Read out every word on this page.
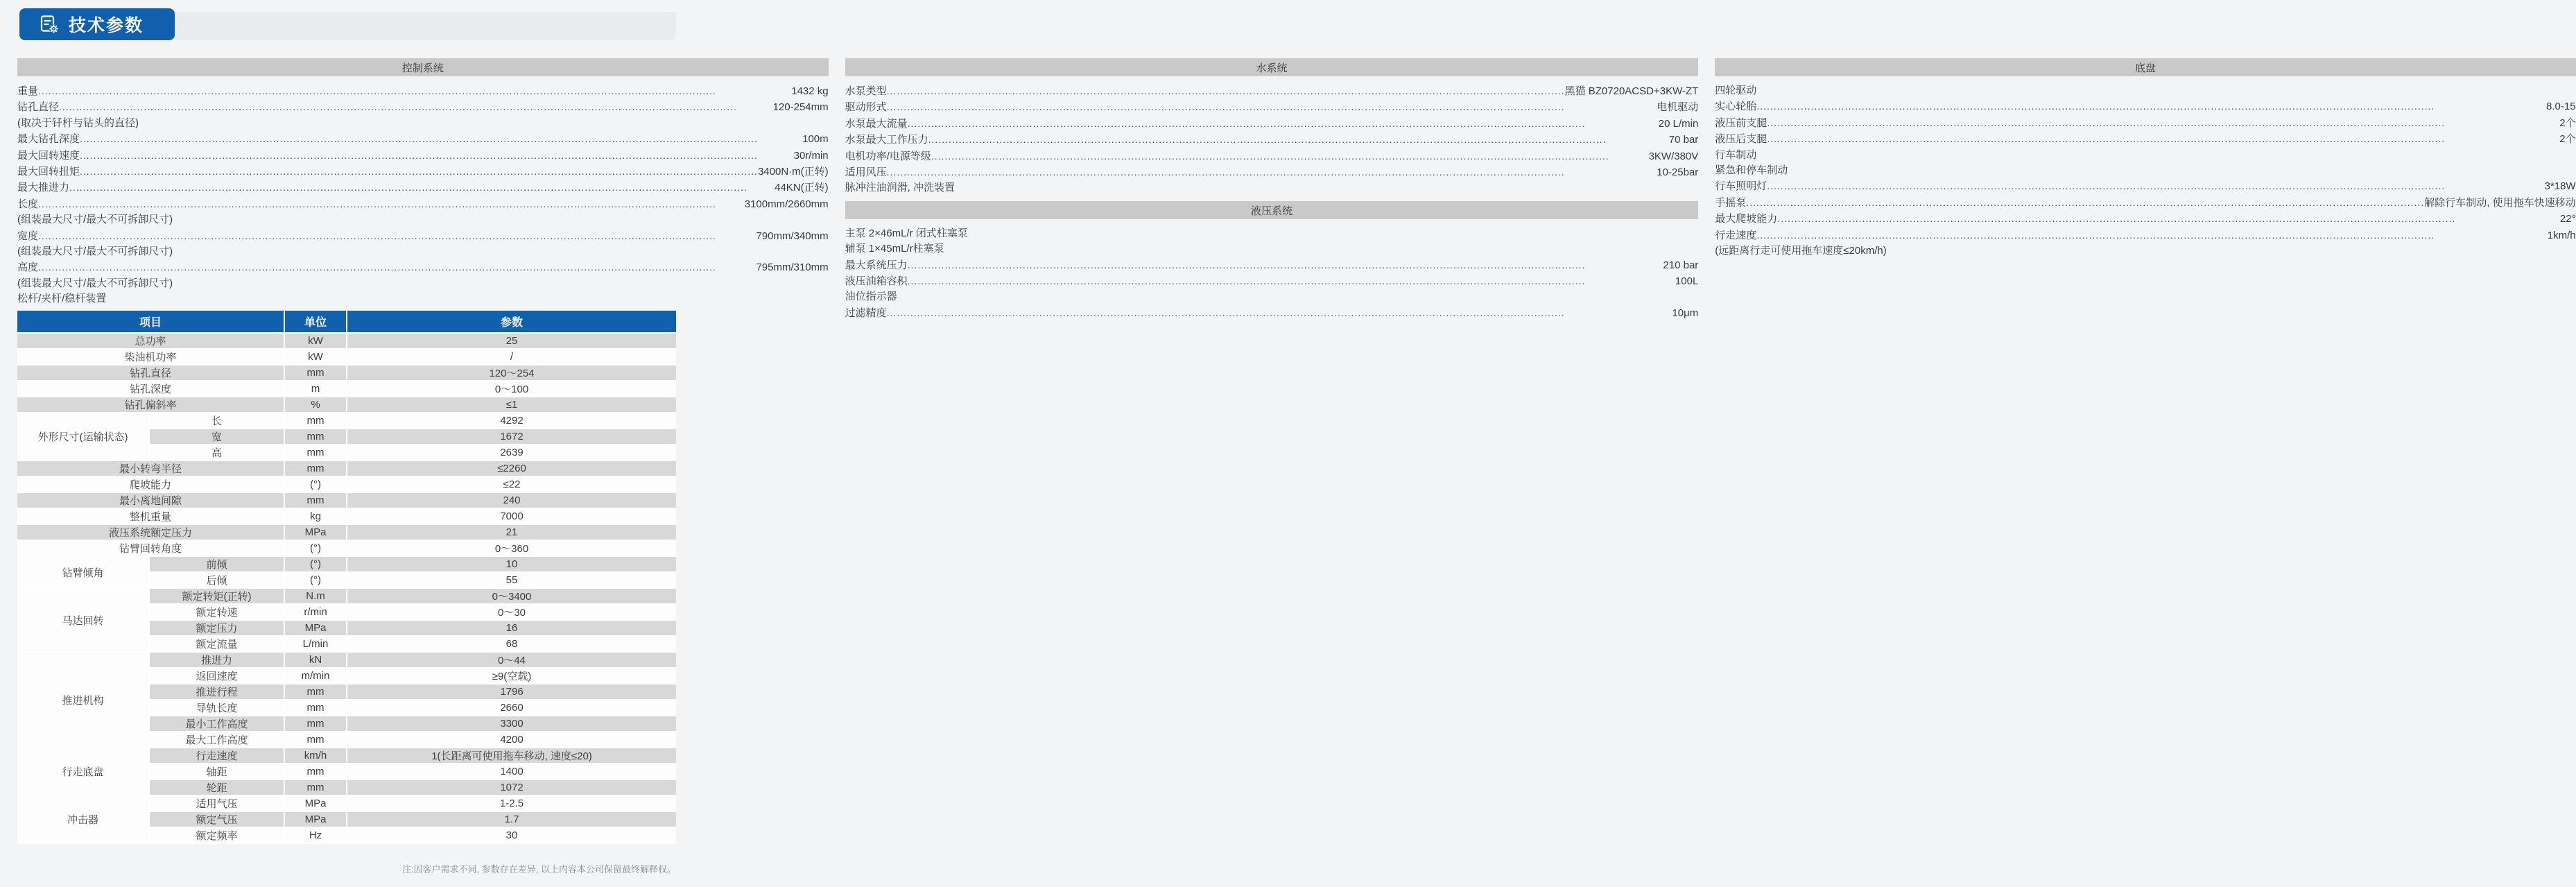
技术参数
控制系统
重量 ........................................................................................................................................................................................................	1432 kg
钻孔直径 ........................................................................................................................................................................................................	120-254mm
(取决于钎杆与钻头的直径)
最大钻孔深度 ........................................................................................................................................................................................................	100m
最大回转速度 ........................................................................................................................................................................................................	30r/min
最大回转扭矩 ........................................................................................................................................................................................................ 3400N·m(正转)
最大推进力 ........................................................................................................................................................................................................	44KN(正转)
长度 ........................................................................................................................................................................................................	3100mm/2660mm
(组装最大尺寸/最大不可拆卸尺寸)
宽度 ........................................................................................................................................................................................................	790mm/340mm
(组装最大尺寸/最大不可拆卸尺寸)
高度 ........................................................................................................................................................................................................	795mm/310mm
(组装最大尺寸/最大不可拆卸尺寸)
松杆/夹杆/稳杆装置
水系统
水泵类型 ........................................................................................................................................................................................................ 黑猫 BZ0720ACSD+3KW-ZT
驱动形式 ........................................................................................................................................................................................................	电机驱动
水泵最大流量 ........................................................................................................................................................................................................	20 L/min
水泵最大工作压力 ........................................................................................................................................................................................................	70 bar
电机功率/电源等级 ........................................................................................................................................................................................................	3KW/380V
适用风压 ........................................................................................................................................................................................................	10-25bar
脉冲注油润滑, 冲洗装置
液压系统
主泵 2×46mL/r 闭式柱塞泵
辅泵 1×45mL/r柱塞泵
最大系统压力 ........................................................................................................................................................................................................	210 bar
液压油箱容积 ........................................................................................................................................................................................................	100L
油位指示器
过滤精度 ........................................................................................................................................................................................................	10μm
底盘
四轮驱动
实心轮胎 ........................................................................................................................................................................................................	8.0-15
液压前支腿 ........................................................................................................................................................................................................	2个
液压后支腿 ........................................................................................................................................................................................................	2个
行车制动
紧急和停车制动
行车照明灯 ........................................................................................................................................................................................................	3*18W
手摇泵 ........................................................................................................................................................................................................ 解除行车制动, 使用拖车快速移动
最大爬坡能力 ........................................................................................................................................................................................................	22°
行走速度 ........................................................................................................................................................................................................	1km/h
(远距离行走可使用拖车速度≤20km/h)
项目		单位	参数
总功率		kW	25
柴油机功率		kW	/
钻孔直径		mm	120～254
钻孔深度		m	0～100
钻孔偏斜率		%	≤1
外形尺寸(运输状态)	长	mm	4292
	宽	mm	1672
	高	mm	2639
最小转弯半径		mm	≤2260
爬坡能力		(°)	≤22
最小离地间隙		mm	240
整机重量		kg	7000
液压系统额定压力		MPa	21
钻臂回转角度		(°)	0～360
钻臂倾角	前倾	(°)	10
	后倾	(°)	55
马达回转	额定转矩(正转)	N.m	0～3400
	额定转速	r/min	0～30
	额定压力	MPa	16
	额定流量	L/min	68
推进机构	推进力	kN	0～44
	返回速度	m/min	≥9(空载)
	推进行程	mm	1796
	导轨长度	mm	2660
	最小工作高度	mm	3300
	最大工作高度	mm	4200
行走底盘	行走速度	km/h	1(长距离可使用拖车移动, 速度≤20)
	轴距	mm	1400
	轮距	mm	1072
冲击器	适用气压	MPa	1-2.5
	额定气压	MPa	1.7
	额定频率	Hz	30
注:因客户需求不同, 参数存在差异, 以上内容本公司保留最终解释权。
